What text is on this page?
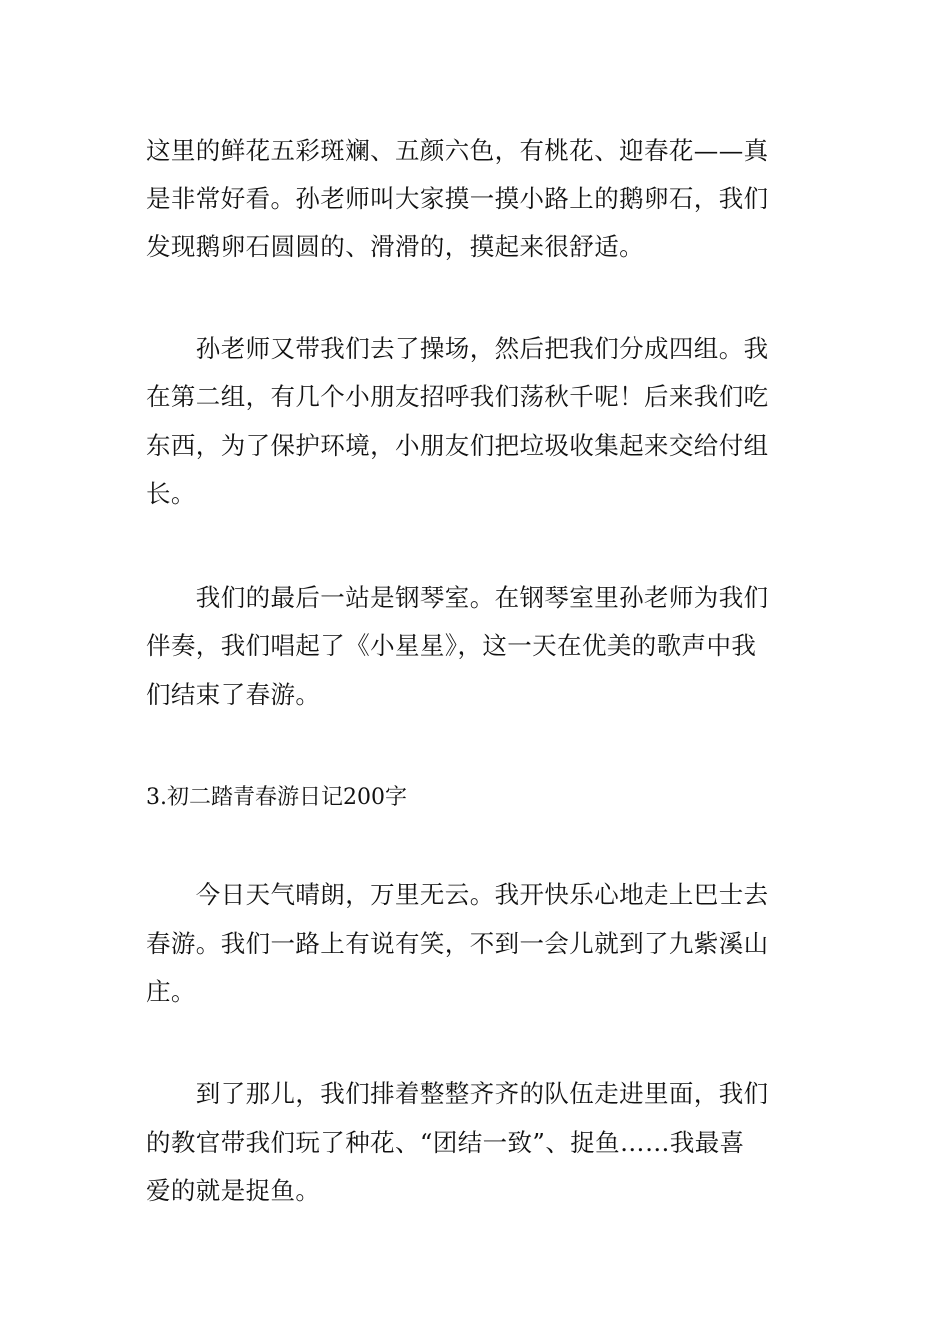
这里的鲜花五彩斑斓、五颜六色，有桃花、迎春花——真
是非常好看。孙老师叫大家摸一摸小路上的鹅卵石，我们
发现鹅卵石圆圆的、滑滑的，摸起来很舒适。
　　孙老师又带我们去了操场，然后把我们分成四组。我
在第二组，有几个小朋友招呼我们荡秋千呢！后来我们吃
东西，为了保护环境，小朋友们把垃圾收集起来交给付组
长。
　　我们的最后一站是钢琴室。在钢琴室里孙老师为我们
伴奏，我们唱起了《小星星》，这一天在优美的歌声中我
们结束了春游。
3.初二踏青春游日记200字
　　今日天气晴朗，万里无云。我开快乐心地走上巴士去
春游。我们一路上有说有笑，不到一会儿就到了九紫溪山
庄。
　　到了那儿，我们排着整整齐齐的队伍走进里面，我们
的教官带我们玩了种花、“团结一致”、捉鱼……我最喜
爱的就是捉鱼。
